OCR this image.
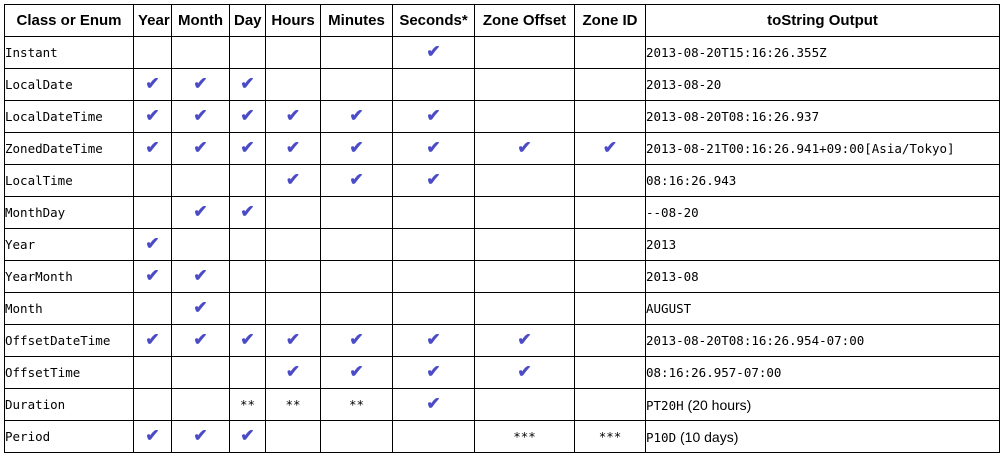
Class or Enum	Year	Month	Day	Hours	Minutes	Seconds*	Zone Offset	Zone ID	toString Output
Instant						✔			2013-08-20T15:16:26.355Z
LocalDate	✔	✔	✔						2013-08-20
LocalDateTime	✔	✔	✔	✔	✔	✔			2013-08-20T08:16:26.937
ZonedDateTime	✔	✔	✔	✔	✔	✔	✔	✔	2013-08-21T00:16:26.941+09:00[Asia/Tokyo]
LocalTime				✔	✔	✔			08:16:26.943
MonthDay		✔	✔						--08-20
Year	✔								2013
YearMonth	✔	✔							2013-08
Month		✔							AUGUST
OffsetDateTime	✔	✔	✔	✔	✔	✔	✔		2013-08-20T08:16:26.954-07:00
OffsetTime				✔	✔	✔	✔		08:16:26.957-07:00
Duration			**	**	**	✔			PT20H (20 hours)
Period	✔	✔	✔				***	***	P10D (10 days)
